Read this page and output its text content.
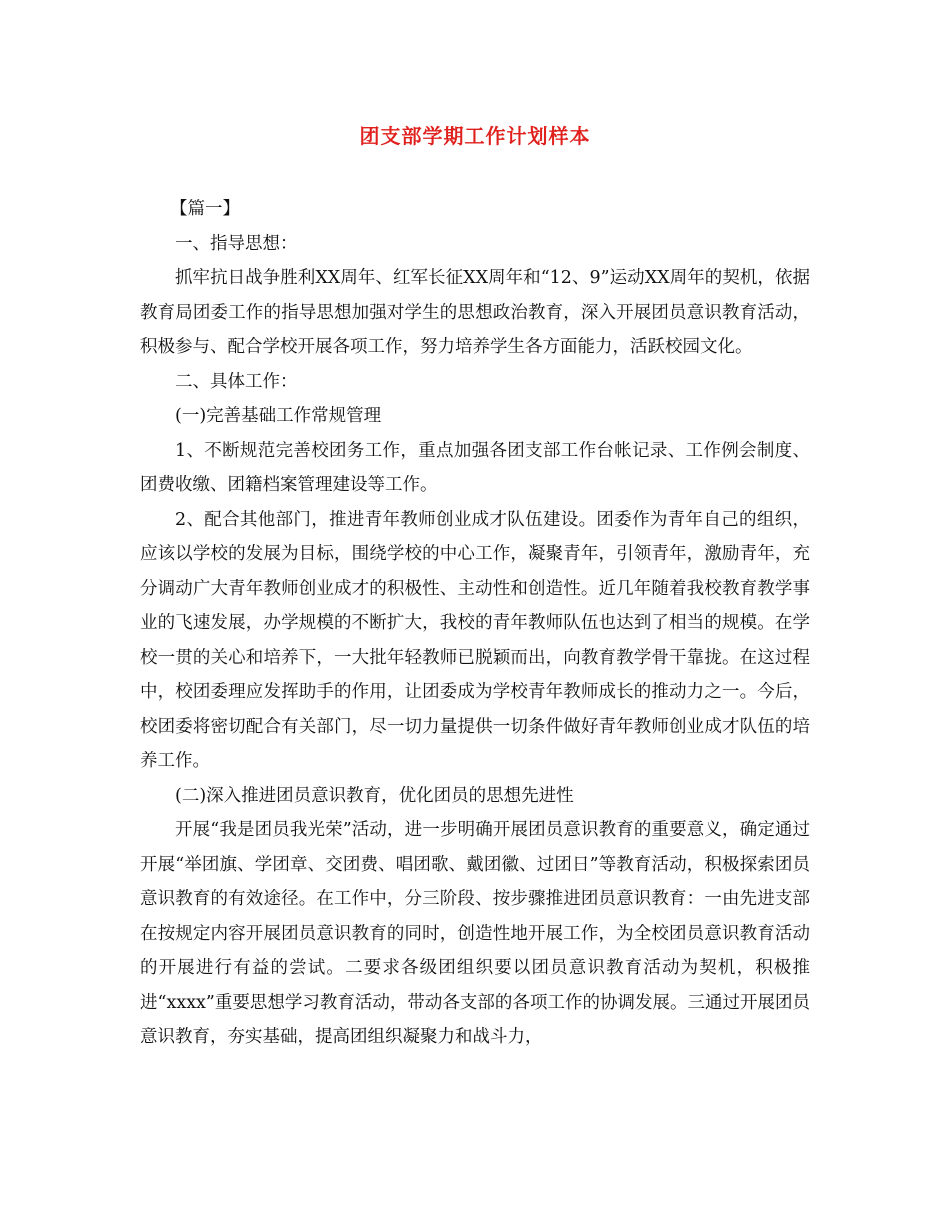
团支部学期工作计划样本

【篇一】

一、指导思想：

抓牢抗日战争胜利XX周年、红军长征XX周年和“12、9”运动XX周年的契机，依据教育局团委工作的指导思想加强对学生的思想政治教育，深入开展团员意识教育活动，积极参与、配合学校开展各项工作，努力培养学生各方面能力，活跃校园文化。

二、具体工作：

(一)完善基础工作常规管理

1、不断规范完善校团务工作，重点加强各团支部工作台帐记录、工作例会制度、团费收缴、团籍档案管理建设等工作。

2、配合其他部门，推进青年教师创业成才队伍建设。团委作为青年自己的组织，应该以学校的发展为目标，围绕学校的中心工作，凝聚青年，引领青年，激励青年，充分调动广大青年教师创业成才的积极性、主动性和创造性。近几年随着我校教育教学事业的飞速发展，办学规模的不断扩大，我校的青年教师队伍也达到了相当的规模。在学校一贯的关心和培养下，一大批年轻教师已脱颖而出，向教育教学骨干靠拢。在这过程中，校团委理应发挥助手的作用，让团委成为学校青年教师成长的推动力之一。今后，校团委将密切配合有关部门，尽一切力量提供一切条件做好青年教师创业成才队伍的培养工作。

(二)深入推进团员意识教育，优化团员的思想先进性

开展“我是团员我光荣”活动，进一步明确开展团员意识教育的重要意义，确定通过开展“举团旗、学团章、交团费、唱团歌、戴团徽、过团日”等教育活动，积极探索团员意识教育的有效途径。在工作中，分三阶段、按步骤推进团员意识教育：一由先进支部在按规定内容开展团员意识教育的同时，创造性地开展工作，为全校团员意识教育活动的开展进行有益的尝试。二要求各级团组织要以团员意识教育活动为契机，积极推进“xxxx”重要思想学习教育活动，带动各支部的各项工作的协调发展。三通过开展团员意识教育，夯实基础，提高团组织凝聚力和战斗力，
